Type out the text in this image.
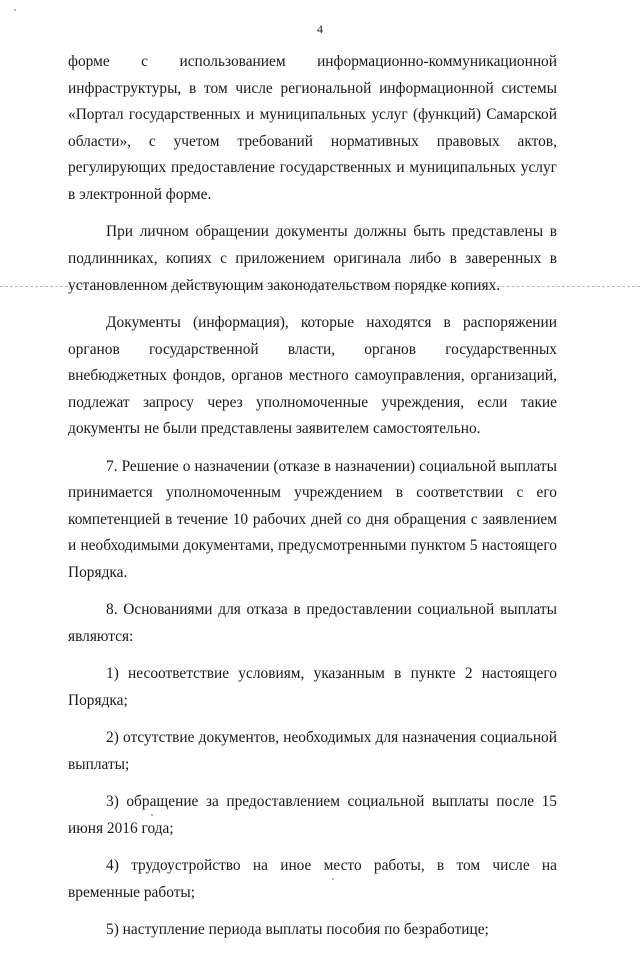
4

форме с использованием информационно-коммуникационной инфраструктуры, в том числе региональной информационной системы «Портал государственных и муниципальных услуг (функций) Самарской области», с учетом требований нормативных правовых актов, регулирующих предоставление государственных и муниципальных услуг в электронной форме.

При личном обращении документы должны быть представлены в подлинниках, копиях с приложением оригинала либо в заверенных в установленном действующим законодательством порядке копиях.

Документы (информация), которые находятся в распоряжении органов государственной власти, органов государственных внебюджетных фондов, органов местного самоуправления, организаций, подлежат запросу через уполномоченные учреждения, если такие документы не были представлены заявителем самостоятельно.

7. Решение о назначении (отказе в назначении) социальной выплаты принимается уполномоченным учреждением в соответствии с его компетенцией в течение 10 рабочих дней со дня обращения с заявлением и необходимыми документами, предусмотренными пунктом 5 настоящего Порядка.

8. Основаниями для отказа в предоставлении социальной выплаты являются:

1) несоответствие условиям, указанным в пункте 2 настоящего Порядка;

2) отсутствие документов, необходимых для назначения социальной выплаты;

3) обращение за предоставлением социальной выплаты после 15 июня 2016 года;

4) трудоустройство на иное место работы, в том числе на временные работы;

5) наступление периода выплаты пособия по безработице;
